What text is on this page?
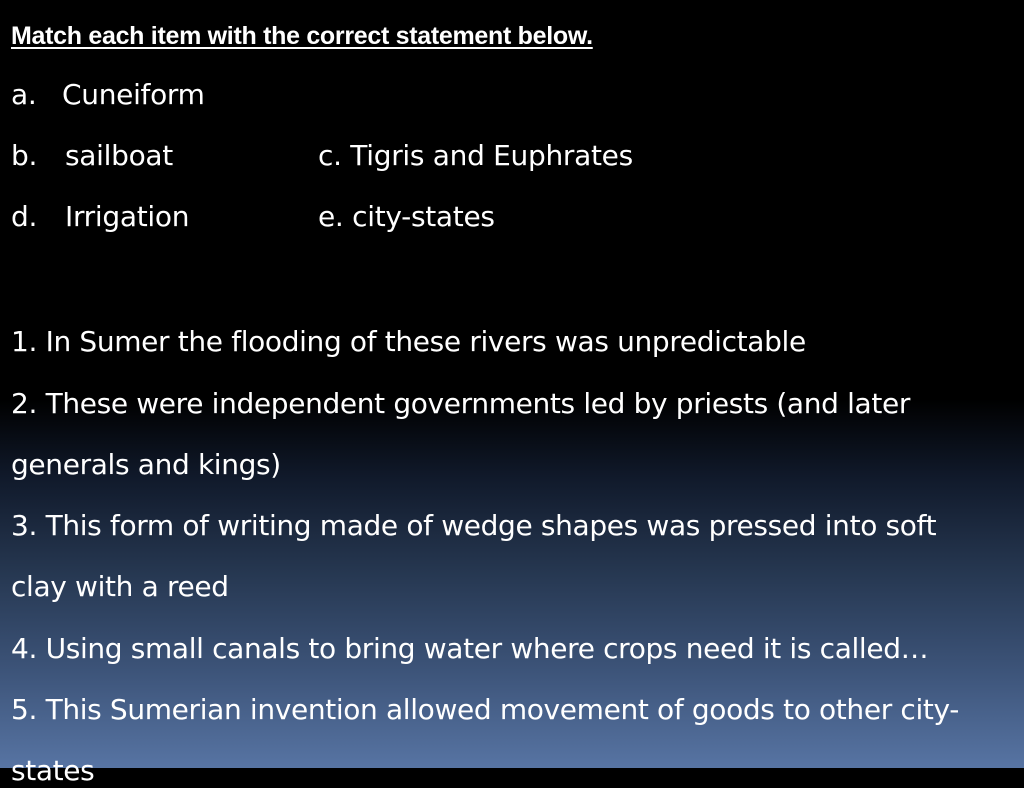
Match each item with the correct statement below.
a. Cuneiform
b. sailboat	c. Tigris and Euphrates
d. Irrigation	e. city-states
1. In Sumer the flooding of these rivers was unpredictable
2. These were independent governments led by priests (and later
generals and kings)
3. This form of writing made of wedge shapes was pressed into soft
clay with a reed
4. Using small canals to bring water where crops need it is called…
5. This Sumerian invention allowed movement of goods to other city-
states
